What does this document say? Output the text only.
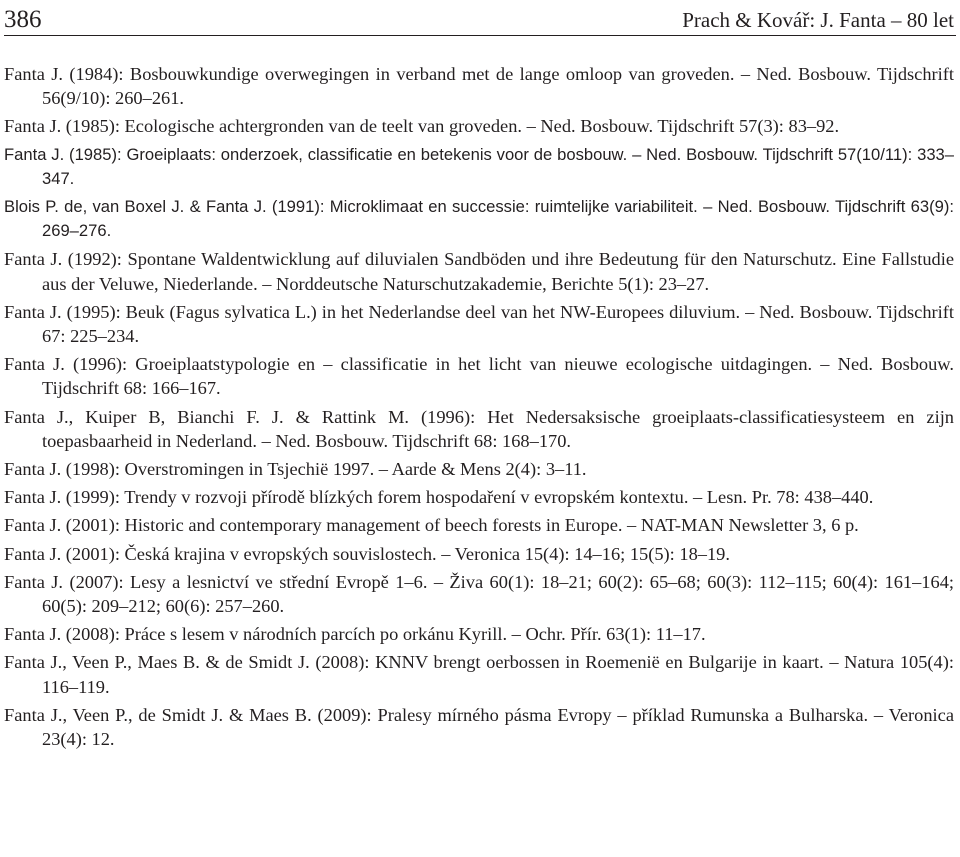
386	Prach & Kovář: J. Fanta – 80 let
Fanta J. (1984): Bosbouwkundige overwegingen in verband met de lange omloop van groveden. – Ned. Bosbouw. Tijdschrift 56(9/10): 260–261.
Fanta J. (1985): Ecologische achtergronden van de teelt van groveden. – Ned. Bosbouw. Tijdschrift 57(3): 83–92.
Fanta J. (1985): Groeiplaats: onderzoek, classificatie en betekenis voor de bosbouw. – Ned. Bosbouw. Tijdschrift 57(10/11): 333–347.
Blois P. de, van Boxel J. & Fanta J. (1991): Microklimaat en successie: ruimtelijke variabiliteit. – Ned. Bosbouw. Tijdschrift 63(9): 269–276.
Fanta J. (1992): Spontane Waldentwicklung auf diluvialen Sandböden und ihre Bedeutung für den Naturschutz. Eine Fallstudie aus der Veluwe, Niederlande. – Norddeutsche Naturschutzakademie, Berichte 5(1): 23–27.
Fanta J. (1995): Beuk (Fagus sylvatica L.) in het Nederlandse deel van het NW-Europees diluvium. – Ned. Bosbouw. Tijdschrift 67: 225–234.
Fanta J. (1996): Groeiplaatstypologie en – classificatie in het licht van nieuwe ecologische uitdagingen. – Ned. Bosbouw. Tijdschrift 68: 166–167.
Fanta J., Kuiper B, Bianchi F. J. & Rattink M. (1996): Het Nedersaksische groeiplaats-classificatiesysteem en zijn toepasbaarheid in Nederland. – Ned. Bosbouw. Tijdschrift 68: 168–170.
Fanta J. (1998): Overstromingen in Tsjechië 1997. – Aarde & Mens 2(4): 3–11.
Fanta J. (1999): Trendy v rozvoji přírodě blízkých forem hospodaření v evropském kontextu. – Lesn. Pr. 78: 438–440.
Fanta J. (2001): Historic and contemporary management of beech forests in Europe. – NAT-MAN Newsletter 3, 6 p.
Fanta J. (2001): Česká krajina v evropských souvislostech. – Veronica 15(4): 14–16; 15(5): 18–19.
Fanta J. (2007): Lesy a lesnictví ve střední Evropě 1–6. – Živa 60(1): 18–21; 60(2): 65–68; 60(3): 112–115; 60(4): 161–164; 60(5): 209–212; 60(6): 257–260.
Fanta J. (2008): Práce s lesem v národních parcích po orkánu Kyrill. – Ochr. Přír. 63(1): 11–17.
Fanta J., Veen P., Maes B. & de Smidt J. (2008): KNNV brengt oerbossen in Roemenië en Bulgarije in kaart. – Natura 105(4): 116–119.
Fanta J., Veen P., de Smidt J. & Maes B. (2009): Pralesy mírného pásma Evropy – příklad Rumunska a Bulharska. – Veronica 23(4): 12.
